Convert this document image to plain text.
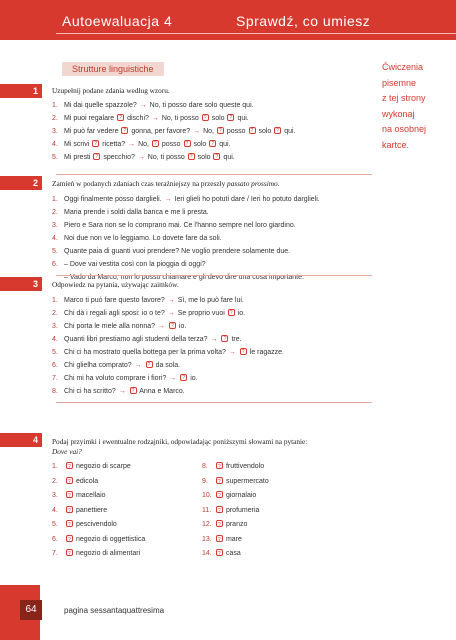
Autoewaluacja 4	Sprawdź, co umiesz
Strutture linguistiche	Ćwiczenia
pisemne
z tej strony
wykonaj
na osobnej
kartce.
1	Uzupełnij podane zdania według wzoru.
1. Mi dai quelle spazzole? → No, ti posso dare solo queste qui.
2. Mi puoi regalare ? dischi? → No, ti posso ? solo ? qui.
3. Mi può far vedere ? gonna, per favore? → No, ? posso ? solo ? qui.
4. Mi scrivi ? ricetta? → No, ? posso ? solo ? qui.
5. Mi presti ? specchio? → No, ti posso ? solo ? qui.
2	Zamień w podanych zdaniach czas teraźniejszy na przeszły passato prossimo.
1. Oggi finalmente posso darglieli. → Ieri glieli ho potuti dare / Ieri ho potuto darglieli.
2. Maria prende i soldi dalla banca e me li presta.
3. Piero e Sara non se lo comprano mai. Ce l'hanno sempre nel loro giardino.
4. Noi due non ve lo leggiamo. Lo dovete fare da soli.
5. Quante paia di guanti vuoi prendere? Ne voglio prendere solamente due.
6. – Dove vai vestita così con la pioggia di oggi?
– Vado da Marco, non lo posso chiamare e gli devo dire una cosa importante.
3	Odpowiedz na pytania, używając zaimków.
1. Marco ti può fare questo favore? → Sì, me lo può fare lui.
2. Chi dà i regali agli sposi: io o te? → Se proprio vuoi ? io.
3. Chi porta le mele alla nonna? → ? io.
4. Quanti libri prestiamo agli studenti della terza? → ? tre.
5. Chi ci ha mostrato quella bottega per la prima volta? → ? le ragazze.
6. Chi glielha comprato? → ? da sola.
7. Chi mi ha voluto comprare i fiori? → ? io.
8. Chi ci ha scritto? → ? Anna e Marco.
4	Podaj przyimki i ewentualne rodzajniki, odpowiadając poniższymi słowami na pytanie:
Dove vai?
1. ?	negozio di scarpe
2. ?	edicola
3. ?	macellaio
4. ?	panettiere
5. ?	pescivendolo
6. ?	negozio di oggettistica
7. ?	negozio di alimentari
8. ?	fruttivendolo
9. ?	supermercato
10. ? giornalaio
11. ? profumeria
12. ? pranzo
13. ? mare
14. ? casa
64	pagina sessantaquattresima
